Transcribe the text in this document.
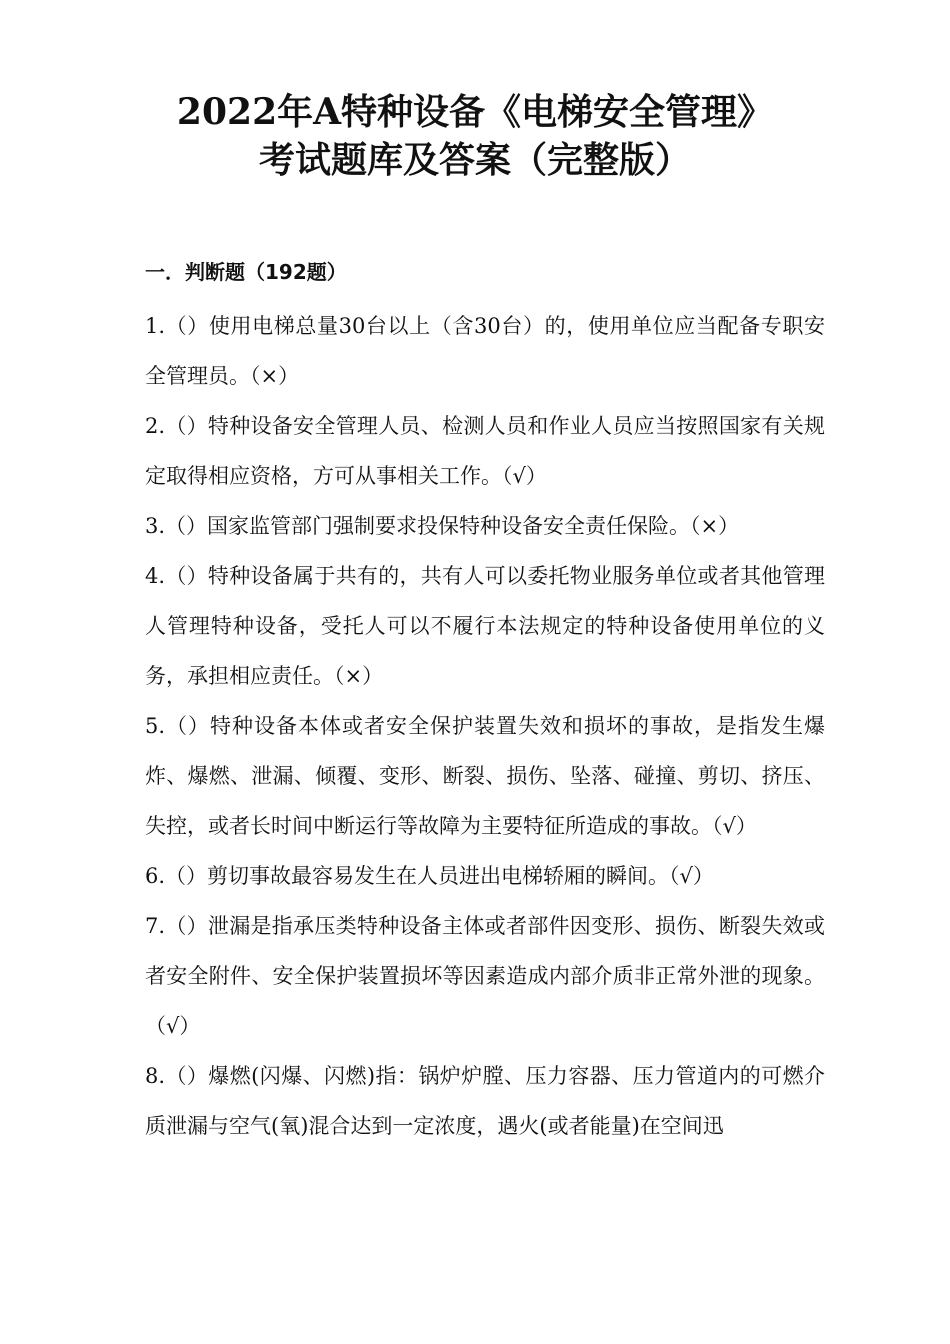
2022年A特种设备《电梯安全管理》
考试题库及答案（完整版）
一．判断题（192题）

1.（）使用电梯总量30台以上（含30台）的，使用单位应当配备专职安全管理员。（×）

2.（）特种设备安全管理人员、检测人员和作业人员应当按照国家有关规定取得相应资格，方可从事相关工作。（√）

3.（）国家监管部门强制要求投保特种设备安全责任保险。（×）

4.（）特种设备属于共有的，共有人可以委托物业服务单位或者其他管理人管理特种设备，受托人可以不履行本法规定的特种设备使用单位的义务，承担相应责任。（×）

5.（）特种设备本体或者安全保护装置失效和损坏的事故，是指发生爆炸、爆燃、泄漏、倾覆、变形、断裂、损伤、坠落、碰撞、剪切、挤压、失控，或者长时间中断运行等故障为主要特征所造成的事故。（√）

6.（）剪切事故最容易发生在人员进出电梯轿厢的瞬间。（√）

7.（）泄漏是指承压类特种设备主体或者部件因变形、损伤、断裂失效或者安全附件、安全保护装置损坏等因素造成内部介质非正常外泄的现象。（√）

8.（）爆燃(闪爆、闪燃)指：锅炉炉膛、压力容器、压力管道内的可燃介质泄漏与空气(氧)混合达到一定浓度，遇火(或者能量)在空间迅
